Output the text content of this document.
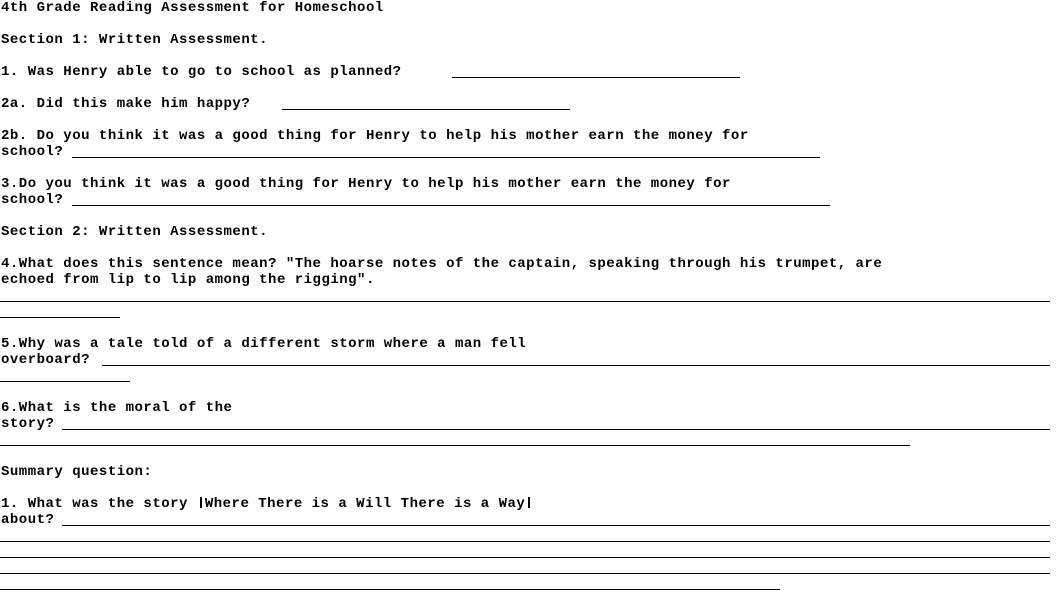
4th Grade Reading Assessment for Homeschool
Section 1: Written Assessment.
1. Was Henry able to go to school as planned?
2a. Did this make him happy?
2b. Do you think it was a good thing for Henry to help his mother earn the money for
school?
3.Do you think it was a good thing for Henry to help his mother earn the money for
school?
Section 2: Written Assessment.
4.What does this sentence mean? "The hoarse notes of the captain, speaking through his trumpet, are
echoed from lip to lip among the rigging".
5.Why was a tale told of a different storm where a man fell
overboard?
6.What is the moral of the
story?
Summary question:
1. What was the story Where There is a Will There is a Way
about?
